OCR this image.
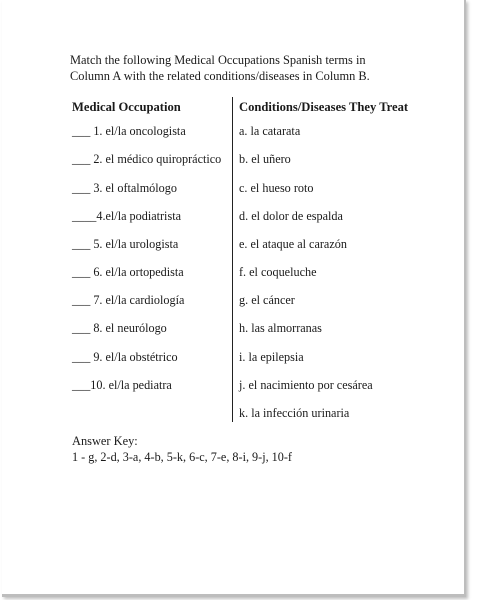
Match the following Medical Occupations Spanish terms in
Column A with the related conditions/diseases in Column B.
Medical Occupation	Conditions/Diseases They Treat
___ 1. el/la oncologista
___ 2. el médico quiropráctico
___ 3. el oftalmólogo
____4.el/la podiatrista
___ 5. el/la urologista
___ 6. el/la ortopedista
___ 7. el/la cardiología
___ 8. el neurólogo
___ 9. el/la obstétrico
___10. el/la pediatra
a. la catarata
b. el uñero
c. el hueso roto
d. el dolor de espalda
e. el ataque al carazón
f. el coqueluche
g. el cáncer
h. las almorranas
i. la epilepsia
j. el nacimiento por cesárea
k. la infección urinaria
Answer Key:
1 - g, 2-d, 3-a, 4-b, 5-k, 6-c, 7-e, 8-i, 9-j, 10-f
